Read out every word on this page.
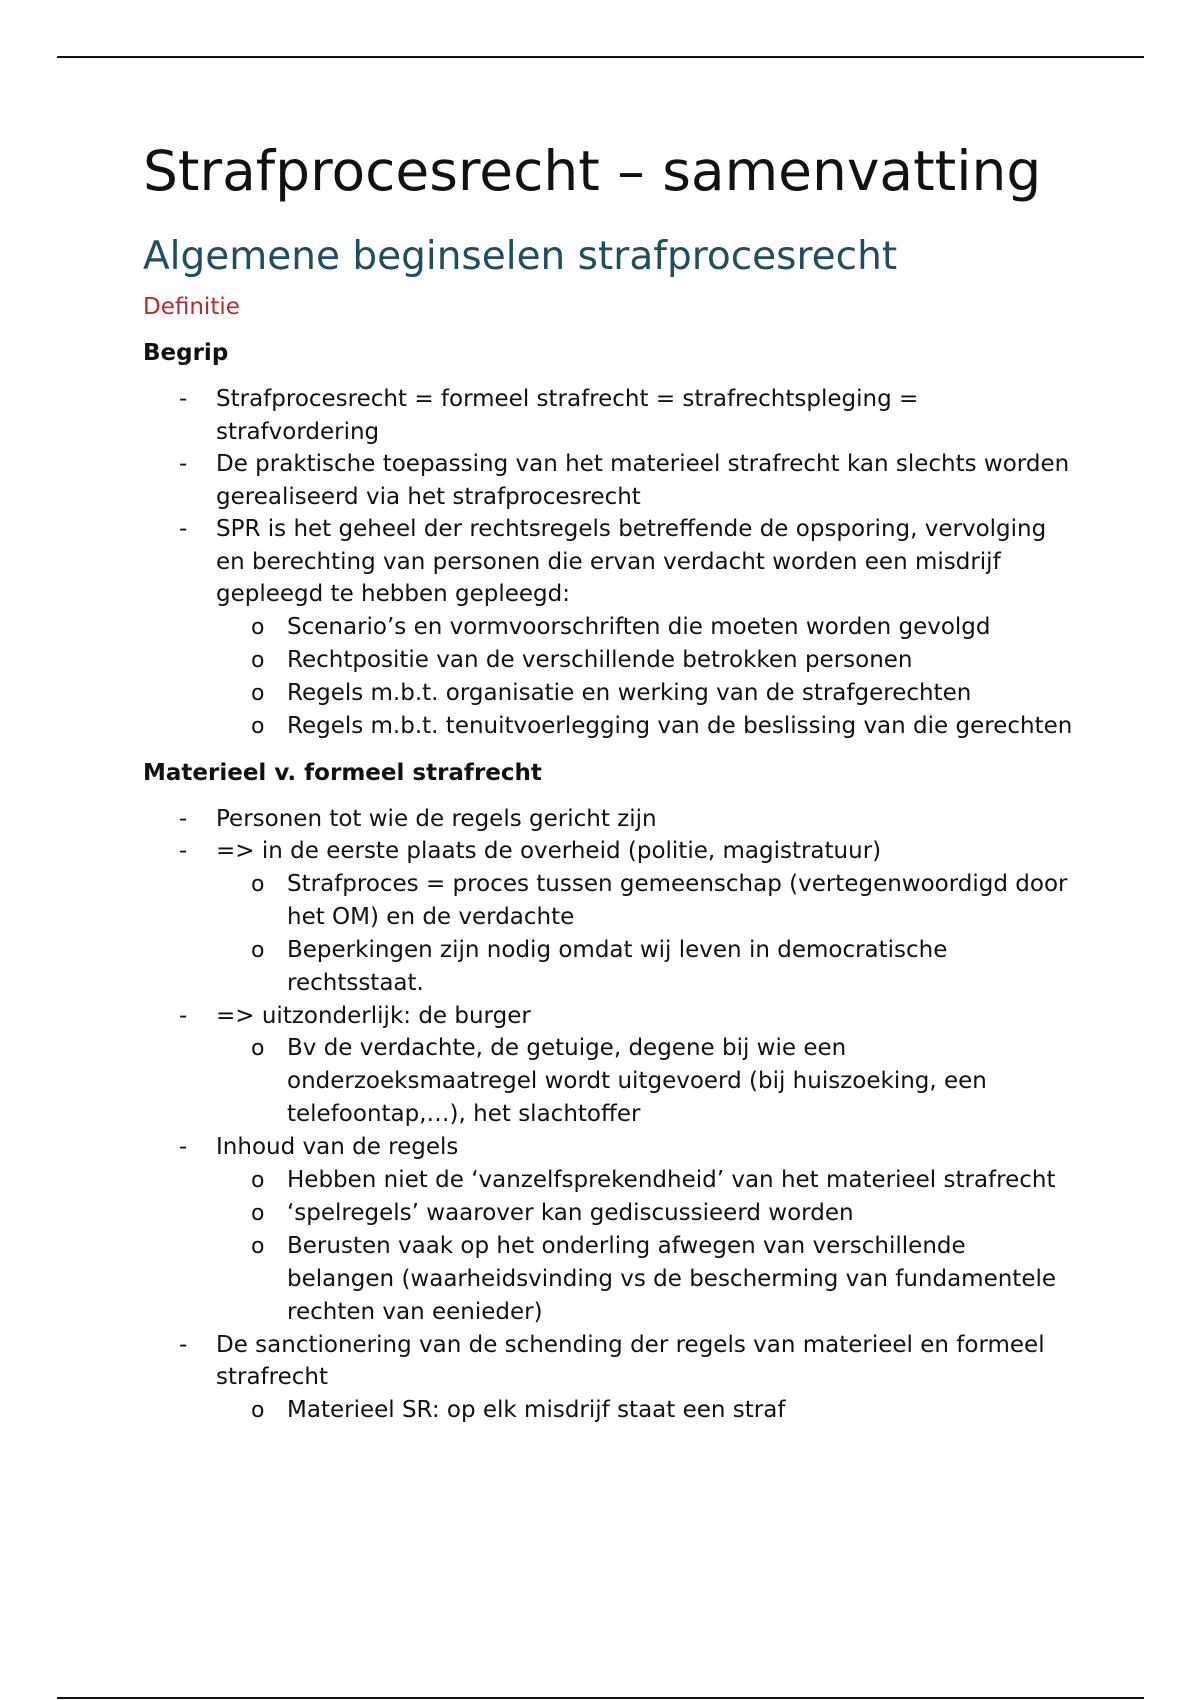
Strafprocesrecht – samenvatting
Algemene beginselen strafprocesrecht
Definitie
Begrip
- Strafprocesrecht = formeel strafrecht = strafrechtspleging = strafvordering
- De praktische toepassing van het materieel strafrecht kan slechts worden gerealiseerd via het strafprocesrecht
- SPR is het geheel der rechtsregels betreffende de opsporing, vervolging en berechting van personen die ervan verdacht worden een misdrijf gepleegd te hebben gepleegd:
o Scenario’s en vormvoorschriften die moeten worden gevolgd
o Rechtpositie van de verschillende betrokken personen
o Regels m.b.t. organisatie en werking van de strafgerechten
o Regels m.b.t. tenuitvoerlegging van de beslissing van die gerechten
Materieel v. formeel strafrecht
- Personen tot wie de regels gericht zijn
- => in de eerste plaats de overheid (politie, magistratuur)
o Strafproces = proces tussen gemeenschap (vertegenwoordigd door het OM) en de verdachte
o Beperkingen zijn nodig omdat wij leven in democratische rechtsstaat.
- => uitzonderlijk: de burger
o Bv de verdachte, de getuige, degene bij wie een onderzoeksmaatregel wordt uitgevoerd (bij huiszoeking, een telefoontap,…), het slachtoffer
- Inhoud van de regels
o Hebben niet de ‘vanzelfsprekendheid’ van het materieel strafrecht
o ‘spelregels’ waarover kan gediscussieerd worden
o Berusten vaak op het onderling afwegen van verschillende belangen (waarheidsvinding vs de bescherming van fundamentele rechten van eenieder)
- De sanctionering van de schending der regels van materieel en formeel strafrecht
o Materieel SR: op elk misdrijf staat een straf
